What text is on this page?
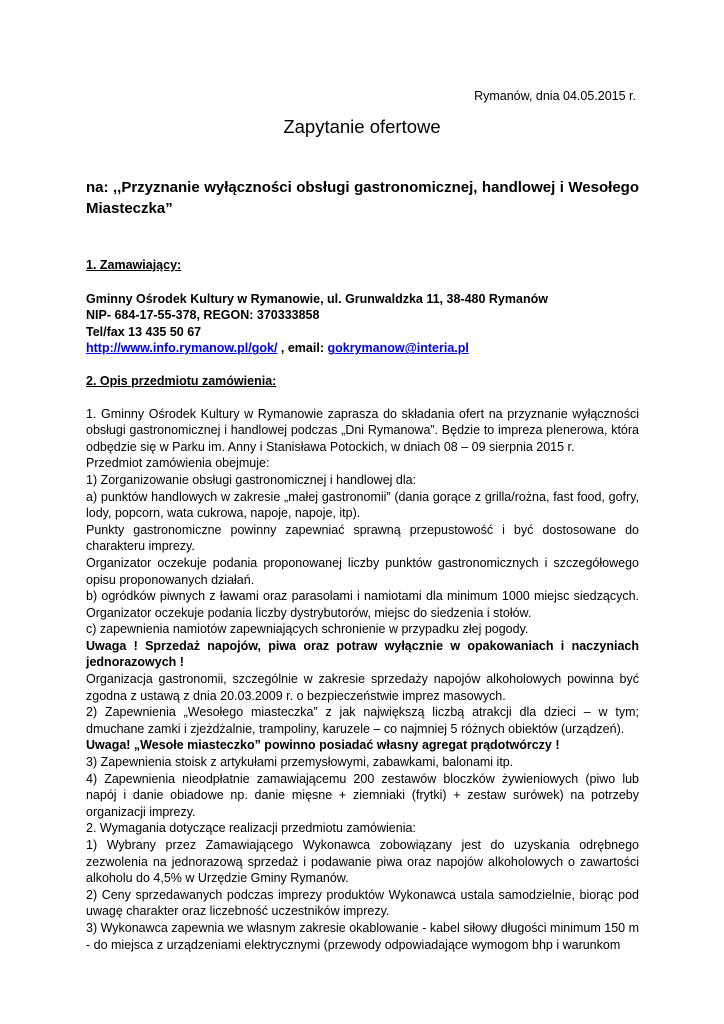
Rymanów, dnia 04.05.2015 r.
Zapytanie ofertowe
na: ,,Przyznanie wyłączności obsługi gastronomicznej, handlowej i Wesołego Miasteczka”

1. Zamawiający:

Gminny Ośrodek Kultury w Rymanowie, ul. Grunwaldzka 11, 38-480 Rymanów

NIP- 684-17-55-378, REGON: 370333858

Tel/fax 13 435 50 67

http://www.info.rymanow.pl/gok/ , email: gokrymanow@interia.pl

2. Opis przedmiotu zamówienia:

1. Gminny Ośrodek Kultury w Rymanowie zaprasza do składania ofert na przyznanie wyłączności obsługi gastronomicznej i handlowej podczas „Dni Rymanowa”. Będzie to impreza plenerowa, która odbędzie się w Parku im. Anny i Stanisława Potockich, w dniach 08 – 09 sierpnia 2015 r.

Przedmiot zamówienia obejmuje:

1) Zorganizowanie obsługi gastronomicznej i handlowej dla:

a) punktów handlowych w zakresie „małej gastronomii” (dania gorące z grilla/rożna, fast food, gofry, lody, popcorn, wata cukrowa, napoje, napoje, itp).

Punkty gastronomiczne powinny zapewniać sprawną przepustowość i być dostosowane do charakteru imprezy.

Organizator oczekuje podania proponowanej liczby punktów gastronomicznych i szczegółowego opisu proponowanych działań.

b) ogródków piwnych z ławami oraz parasolami i namiotami dla minimum 1000 miejsc siedzących. Organizator oczekuje podania liczby dystrybutorów, miejsc do siedzenia i stołów.

c) zapewnienia namiotów zapewniających schronienie w przypadku złej pogody.

Uwaga ! Sprzedaż napojów, piwa oraz potraw wyłącznie w opakowaniach i naczyniach jednorazowych !

Organizacja gastronomii, szczególnie w zakresie sprzedaży napojów alkoholowych powinna być zgodna z ustawą z dnia 20.03.2009 r. o bezpieczeństwie imprez masowych.

2) Zapewnienia „Wesołego miasteczka” z jak największą liczbą atrakcji dla dzieci – w tym; dmuchane zamki i zjeżdżalnie, trampoliny, karuzele – co najmniej 5 różnych obiektów (urządzeń).

Uwaga! „Wesołe miasteczko” powinno posiadać własny agregat prądotwórczy !

3) Zapewnienia stoisk z artykułami przemysłowymi, zabawkami, balonami itp.

4) Zapewnienia nieodpłatnie zamawiającemu 200 zestawów bloczków żywieniowych (piwo lub napój i danie obiadowe np. danie mięsne + ziemniaki (frytki) + zestaw surówek) na potrzeby organizacji imprezy.

2. Wymagania dotyczące realizacji przedmiotu zamówienia:

1) Wybrany przez Zamawiającego Wykonawca zobowiązany jest do uzyskania odrębnego zezwolenia na jednorazową sprzedaż i podawanie piwa oraz napojów alkoholowych o zawartości alkoholu do 4,5% w Urzędzie Gminy Rymanów.

2) Ceny sprzedawanych podczas imprezy produktów Wykonawca ustala samodzielnie, biorąc pod uwagę charakter oraz liczebność uczestników imprezy.

3) Wykonawca zapewnia we własnym zakresie okablowanie - kabel siłowy długości minimum 150 m - do miejsca z urządzeniami elektrycznymi (przewody odpowiadające wymogom bhp i warunkom
